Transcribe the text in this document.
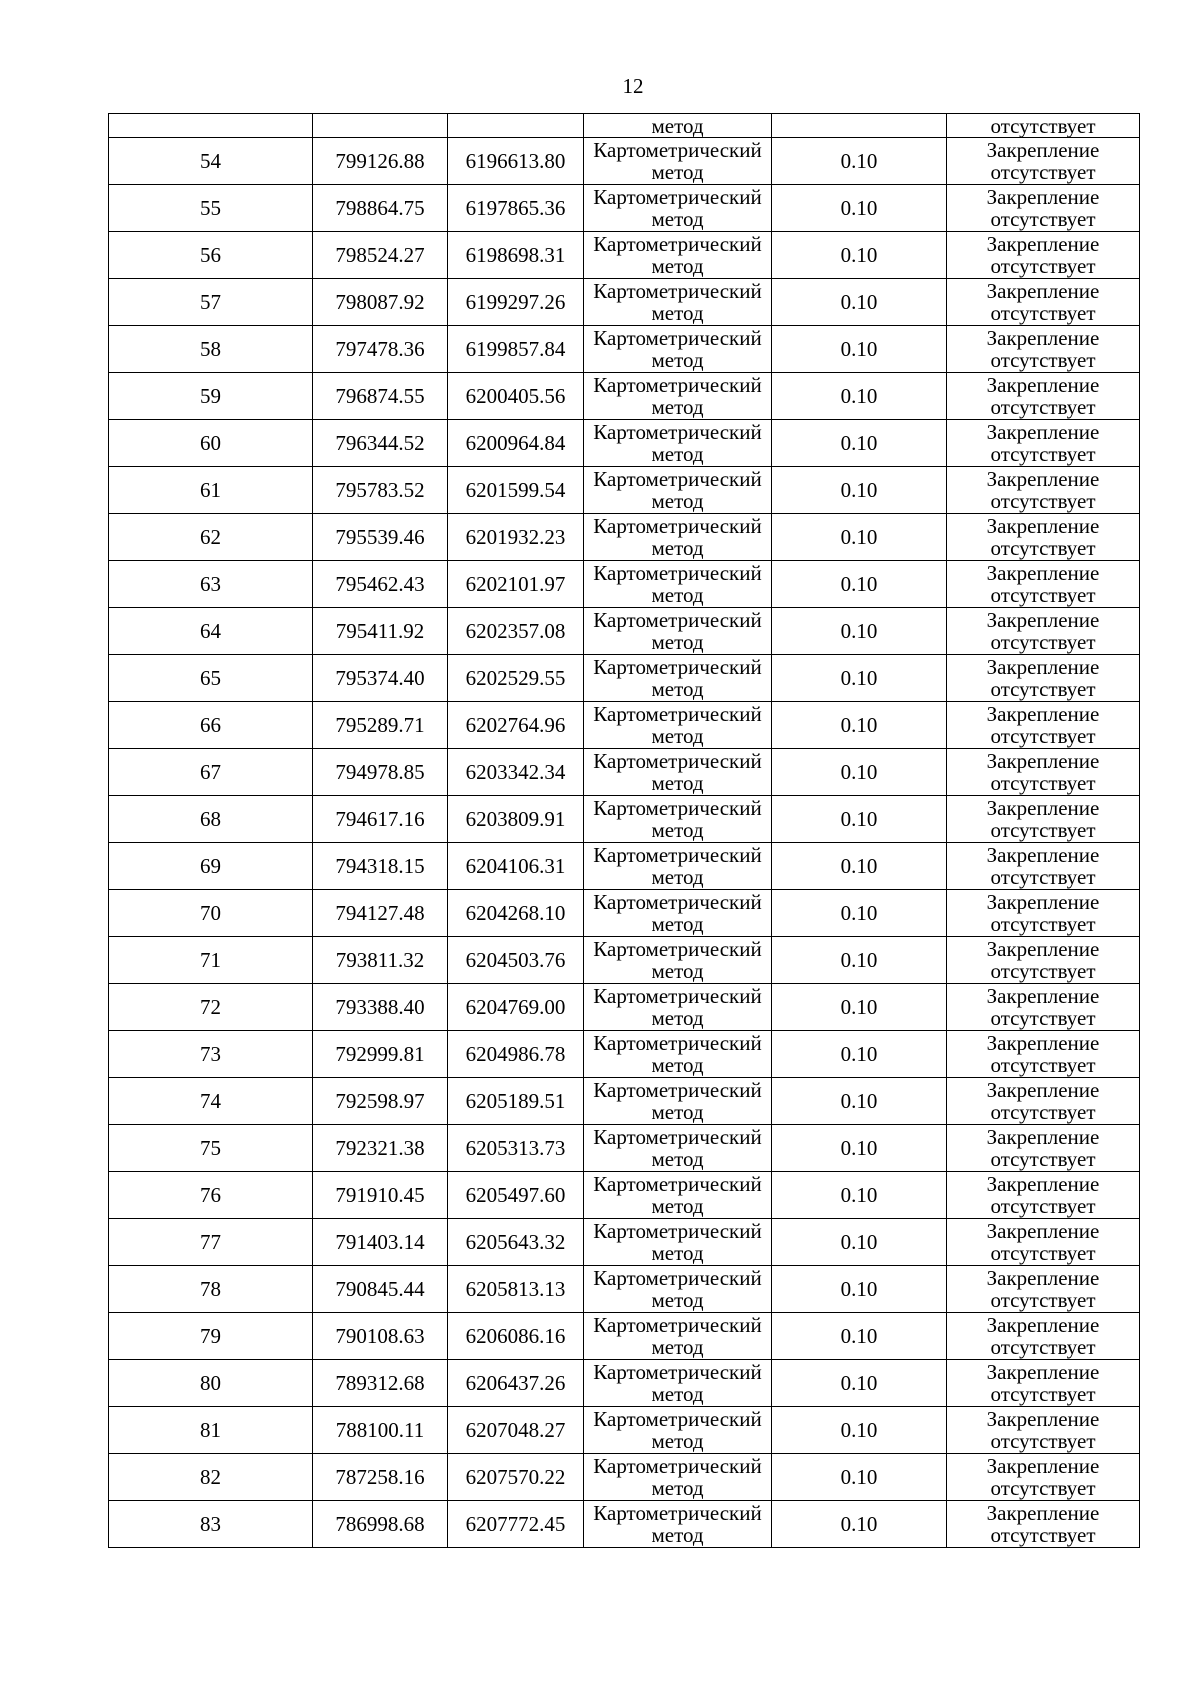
12
			метод		отсутствует
54	799126.88	6196613.80	Картометрический
метод	0.10	Закрепление
отсутствует

55	798864.75	6197865.36	Картометрический
метод	0.10	Закрепление
отсутствует

56	798524.27	6198698.31	Картометрический
метод	0.10	Закрепление
отсутствует

57	798087.92	6199297.26	Картометрический
метод	0.10	Закрепление
отсутствует

58	797478.36	6199857.84	Картометрический
метод	0.10	Закрепление
отсутствует

59	796874.55	6200405.56	Картометрический
метод	0.10	Закрепление
отсутствует

60	796344.52	6200964.84	Картометрический
метод	0.10	Закрепление
отсутствует

61	795783.52	6201599.54	Картометрический
метод	0.10	Закрепление
отсутствует

62	795539.46	6201932.23	Картометрический
метод	0.10	Закрепление
отсутствует

63	795462.43	6202101.97	Картометрический
метод	0.10	Закрепление
отсутствует

64	795411.92	6202357.08	Картометрический
метод	0.10	Закрепление
отсутствует

65	795374.40	6202529.55	Картометрический
метод	0.10	Закрепление
отсутствует

66	795289.71	6202764.96	Картометрический
метод	0.10	Закрепление
отсутствует

67	794978.85	6203342.34	Картометрический
метод	0.10	Закрепление
отсутствует

68	794617.16	6203809.91	Картометрический
метод	0.10	Закрепление
отсутствует

69	794318.15	6204106.31	Картометрический
метод	0.10	Закрепление
отсутствует

70	794127.48	6204268.10	Картометрический
метод	0.10	Закрепление
отсутствует

71	793811.32	6204503.76	Картометрический
метод	0.10	Закрепление
отсутствует

72	793388.40	6204769.00	Картометрический
метод	0.10	Закрепление
отсутствует

73	792999.81	6204986.78	Картометрический
метод	0.10	Закрепление
отсутствует

74	792598.97	6205189.51	Картометрический
метод	0.10	Закрепление
отсутствует

75	792321.38	6205313.73	Картометрический
метод	0.10	Закрепление
отсутствует

76	791910.45	6205497.60	Картометрический
метод	0.10	Закрепление
отсутствует

77	791403.14	6205643.32	Картометрический
метод	0.10	Закрепление
отсутствует

78	790845.44	6205813.13	Картометрический
метод	0.10	Закрепление
отсутствует

79	790108.63	6206086.16	Картометрический
метод	0.10	Закрепление
отсутствует

80	789312.68	6206437.26	Картометрический
метод	0.10	Закрепление
отсутствует

81	788100.11	6207048.27	Картометрический
метод	0.10	Закрепление
отсутствует

82	787258.16	6207570.22	Картометрический
метод	0.10	Закрепление
отсутствует

83	786998.68	6207772.45	Картометрический
метод	0.10	Закрепление
отсутствует
